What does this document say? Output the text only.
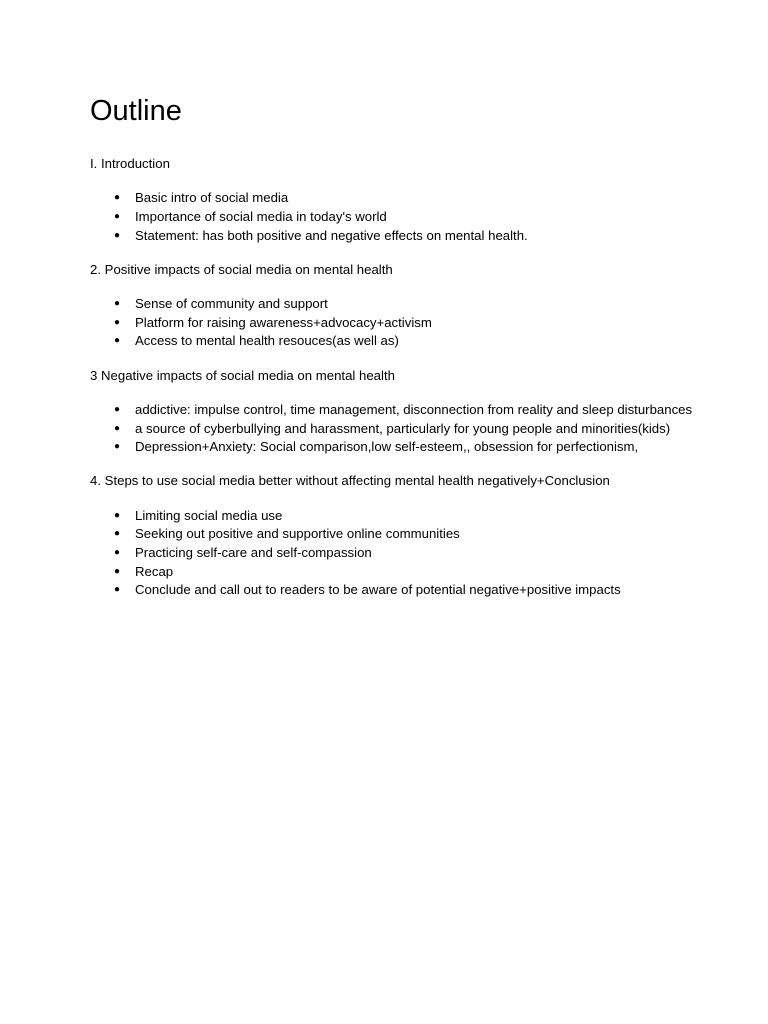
Outline
I. Introduction
● Basic intro of social media
● Importance of social media in today's world
● Statement: has both positive and negative effects on mental health.
2. Positive impacts of social media on mental health
● Sense of community and support
● Platform for raising awareness+advocacy+activism
● Access to mental health resouces(as well as)
3 Negative impacts of social media on mental health
● addictive: impulse control, time management, disconnection from reality and sleep disturbances
● a source of cyberbullying and harassment, particularly for young people and minorities(kids)
● Depression+Anxiety: Social comparison,low self-esteem,, obsession for perfectionism,
4. Steps to use social media better without affecting mental health negatively+Conclusion
● Limiting social media use
● Seeking out positive and supportive online communities
● Practicing self-care and self-compassion
● Recap
● Conclude and call out to readers to be aware of potential negative+positive impacts
